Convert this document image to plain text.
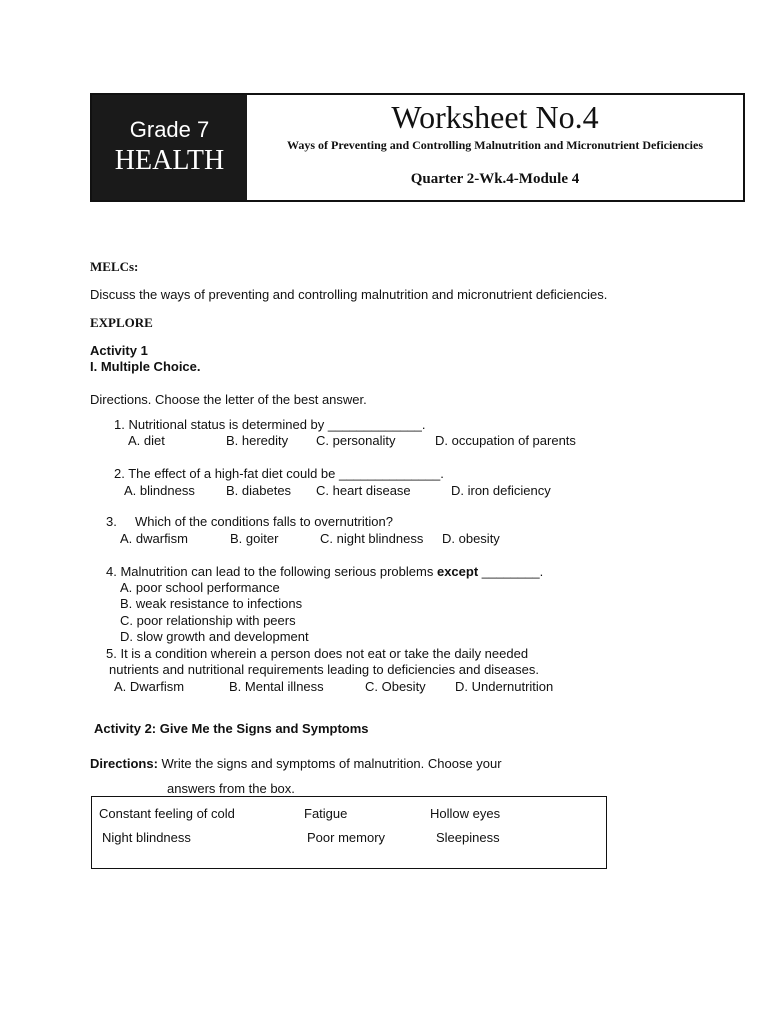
Grade 7
HEALTH
Worksheet No.4
Ways of Preventing and Controlling Malnutrition and Micronutrient Deficiencies
Quarter 2-Wk.4-Module 4
MELCs:
Discuss the ways of preventing and controlling malnutrition and micronutrient deficiencies.
EXPLORE
Activity 1
I. Multiple Choice.
Directions. Choose the letter of the best answer.
1. Nutritional status is determined by _____________.
A. diet	B. heredity C. personality	D. occupation of parents
2. The effect of a high-fat diet could be ______________.
A. blindness B. diabetes C. heart disease	D. iron deficiency
3. Which of the conditions falls to overnutrition?
A. dwarfism	B. goiter	C. night blindness D. obesity
4. Malnutrition can lead to the following serious problems except ________.
A. poor school performance
B. weak resistance to infections
C. poor relationship with peers
D. slow growth and development
5. It is a condition wherein a person does not eat or take the daily needed
nutrients and nutritional requirements leading to deficiencies and diseases.
A. Dwarfism	B. Mental illness	C. Obesity D. Undernutrition
Activity 2: Give Me the Signs and Symptoms
Directions: Write the signs and symptoms of malnutrition. Choose your
answers from the box.
Constant feeling of cold	Fatigue	Hollow eyes
Night blindness	Poor memory	Sleepiness
